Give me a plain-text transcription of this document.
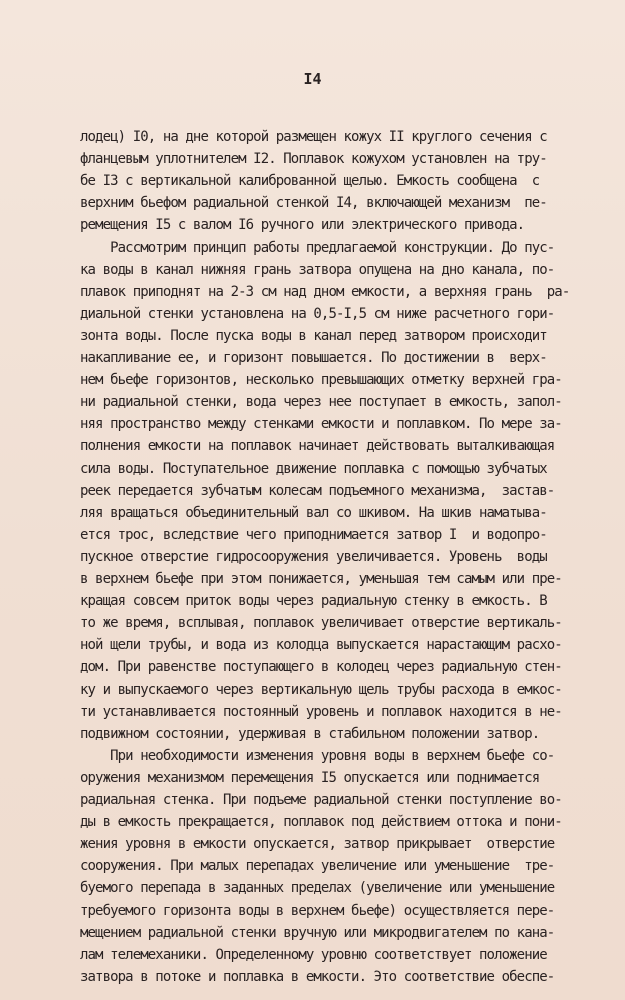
I4
лодец) I0, на дне которой размещен кожух II круглого сечения с
фланцевым уплотнителем I2. Поплавок кожухом установлен на тру-
бе I3 с вертикальной калиброванной щелью. Емкость сообщена  с
верхним бьефом радиальной стенкой I4, включающей механизм  пе-
ремещения I5 с валом I6 ручного или электрического привода.
Рассмотрим принцип работы предлагаемой конструкции. До пус-
ка воды в канал нижняя грань затвора опущена на дно канала, по-
плавок приподнят на 2-3 см над дном емкости, а верхняя грань  ра-
диальной стенки установлена на 0,5-I,5 см ниже расчетного гори-
зонта воды. После пуска воды в канал перед затвором происходит
накапливание ее, и горизонт повышается. По достижении в  верх-
нем бьефе горизонтов, несколько превышающих отметку верхней гра-
ни радиальной стенки, вода через нее поступает в емкость, запол-
няя пространство между стенками емкости и поплавком. По мере за-
полнения емкости на поплавок начинает действовать выталкивающая
сила воды. Поступательное движение поплавка с помощью зубчатых
реек передается зубчатым колесам подъемного механизма,  застав-
ляя вращаться объединительный вал со шкивом. На шкив наматыва-
ется трос, вследствие чего приподнимается затвор I  и водопро-
пускное отверстие гидросооружения увеличивается. Уровень  воды
в верхнем бьефе при этом понижается, уменьшая тем самым или пре-
кращая совсем приток воды через радиальную стенку в емкость. В
то же время, всплывая, поплавок увеличивает отверстие вертикаль-
ной щели трубы, и вода из колодца выпускается нарастающим расхо-
дом. При равенстве поступающего в колодец через радиальную стен-
ку и выпускаемого через вертикальную щель трубы расхода в емкос-
ти устанавливается постоянный уровень и поплавок находится в не-
подвижном состоянии, удерживая в стабильном положении затвор.
При необходимости изменения уровня воды в верхнем бьефе со-
оружения механизмом перемещения I5 опускается или поднимается
радиальная стенка. При подъеме радиальной стенки поступление во-
ды в емкость прекращается, поплавок под действием оттока и пони-
жения уровня в емкости опускается, затвор прикрывает  отверстие
сооружения. При малых перепадах увеличение или уменьшение  тре-
буемого перепада в заданных пределах (увеличение или уменьшение
требуемого горизонта воды в верхнем бьефе) осуществляется пере-
мещением радиальной стенки вручную или микродвигателем по кана-
лам телемеханики. Определенному уровню соответствует положение
затвора в потоке и поплавка в емкости. Это соответствие обеспе-
